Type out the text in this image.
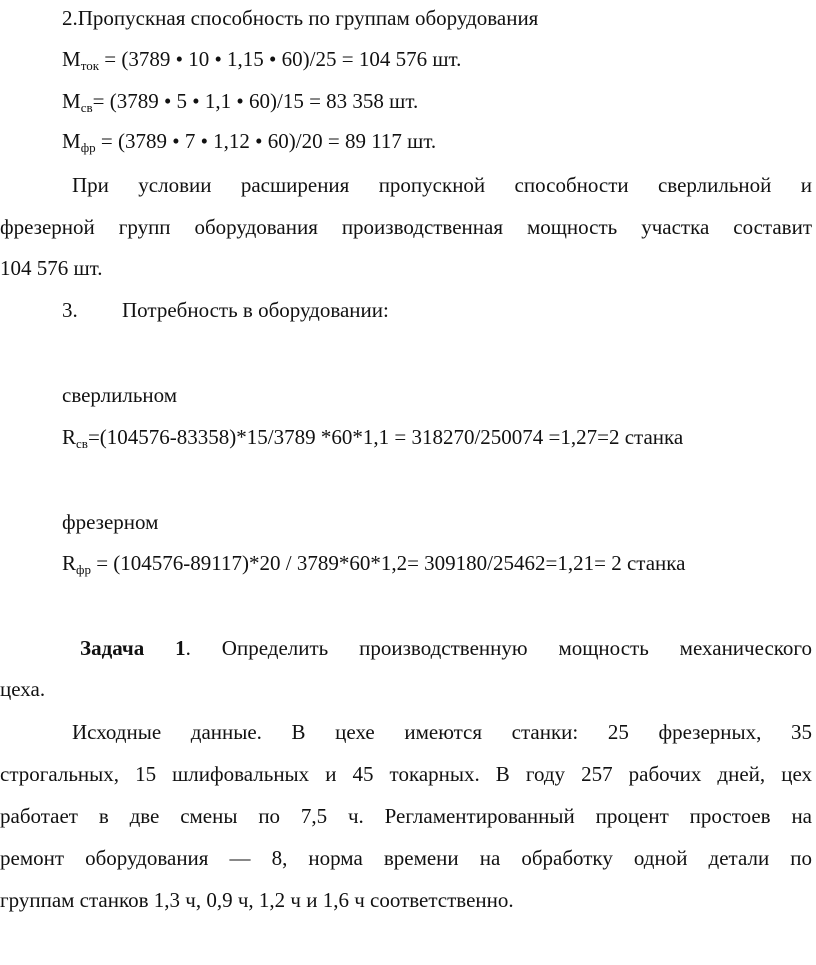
2.Пропускная способность по группам оборудования
$М_{ток} = (3789$ • 10 • 1,15 • 60)/25 = 104 576 шт.
$М_{св}= (3789$ • 5 • 1,1 • 60)/15 = 83 358 шт.
$М_{фр} = (3789$ • 7 • 1,12 • 60)/20 = 89 117 шт.
При условии расширения пропускной способности сверлильной и
фрезерной групп оборудования производственная мощность участка составит
104 576 шт.
3. Потребность в оборудовании:
сверлильном
$R_{св}=(104576-83358)*15/3789$ *60*1,1 = 318270/250074 =1,27=2 станка
фрезерном
$R_{фр} = (104576-89117)*20 / 3789*60*1,2= 309180/25462=1,21= 2$ станка
Задача 1. Определить производственную мощность механического
цеха.
Исходные данные. В цехе имеются станки: 25 фрезерных, 35
строгальных, 15 шлифовальных и 45 токарных. В году 257 рабочих дней, цех
работает в две смены по 7,5 ч. Регламентированный процент простоев на
ремонт оборудования — 8, норма времени на обработку одной детали по
группам станков 1,3 ч, 0,9 ч, 1,2 ч и 1,6 ч соответственно.
